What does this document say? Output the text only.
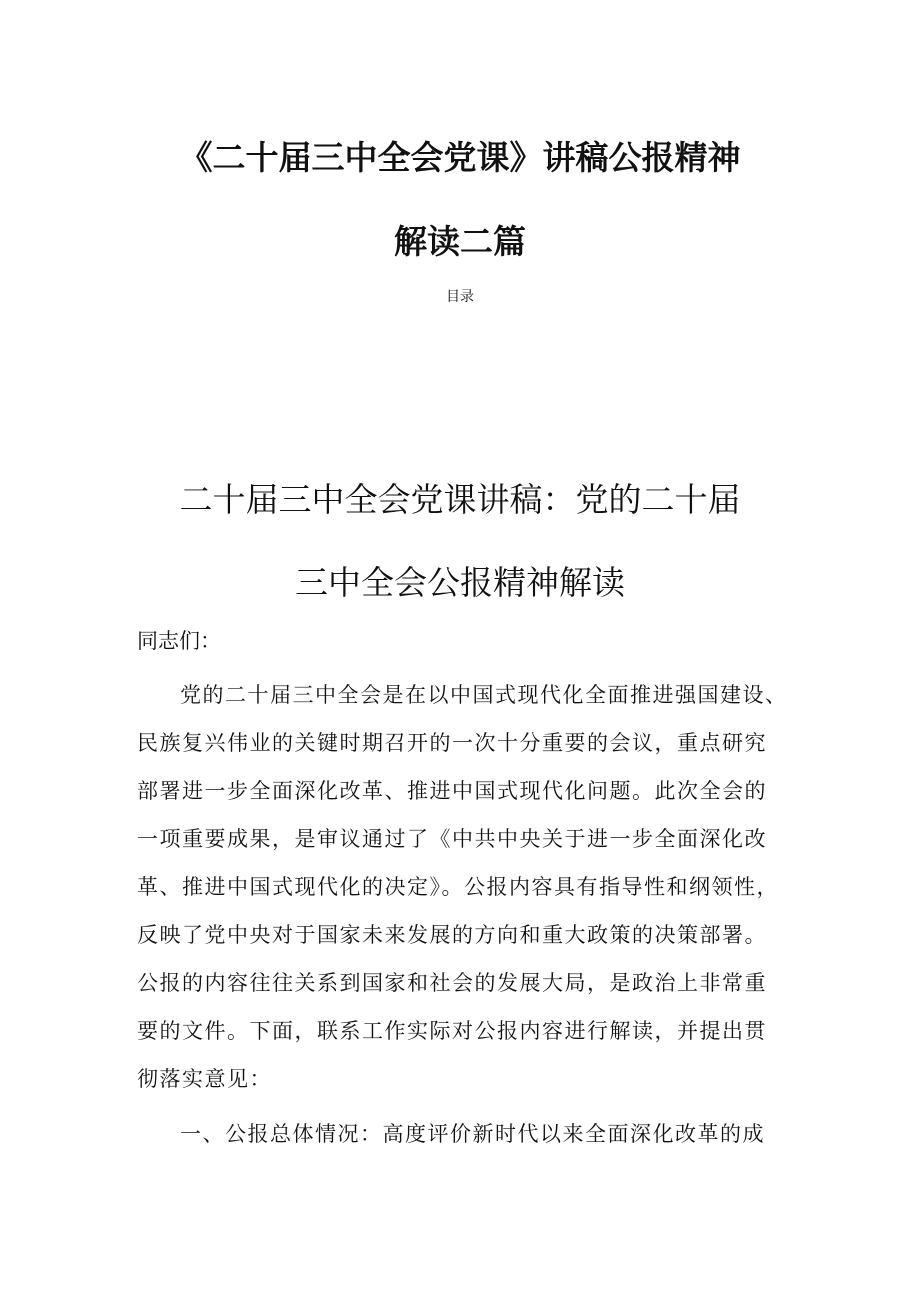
《二十届三中全会党课》讲稿公报精神
解读二篇

目录

二十届三中全会党课讲稿：党的二十届
三中全会公报精神解读

同志们：

党的二十届三中全会是在以中国式现代化全面推进强国建设、
民族复兴伟业的关键时期召开的一次十分重要的会议，重点研究
部署进一步全面深化改革、推进中国式现代化问题。此次全会的
一项重要成果，是审议通过了《中共中央关于进一步全面深化改
革、推进中国式现代化的决定》。公报内容具有指导性和纲领性，
反映了党中央对于国家未来发展的方向和重大政策的决策部署。
公报的内容往往关系到国家和社会的发展大局，是政治上非常重
要的文件。下面，联系工作实际对公报内容进行解读，并提出贯
彻落实意见：
一、公报总体情况：高度评价新时代以来全面深化改革的成
